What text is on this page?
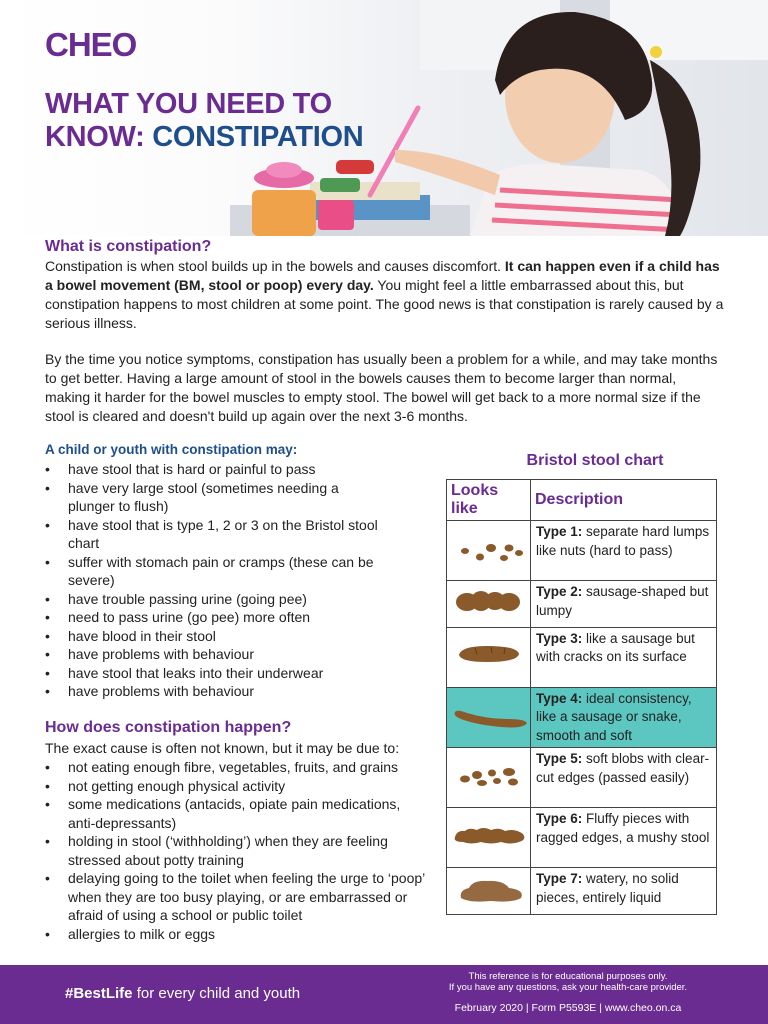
CHEO
WHAT YOU NEED TO
KNOW: CONSTIPATION
What is constipation?

Constipation is when stool builds up in the bowels and causes discomfort. It can happen even if a child has a bowel movement (BM, stool or poop) every day. You might feel a little embarrassed about this, but constipation happens to most children at some point. The good news is that constipation is rarely caused by a serious illness.

By the time you notice symptoms, constipation has usually been a problem for a while, and may take months to get better. Having a large amount of stool in the bowels causes them to become larger than normal, making it harder for the bowel muscles to empty stool. The bowel will get back to a more normal size if the stool is cleared and doesn't build up again over the next 3-6 months.

A child or youth with constipation may:
• have stool that is hard or painful to pass
• have very large stool (sometimes needing a plunger to flush)
• have stool that is type 1, 2 or 3 on the Bristol stool chart
• suffer with stomach pain or cramps (these can be severe)
• have trouble passing urine (going pee)
• need to pass urine (go pee) more often
• have blood in their stool
• have problems with behaviour
• have stool that leaks into their underwear
• have problems with behaviour
How does constipation happen?

The exact cause is often not known, but it may be due to:

• not eating enough fibre, vegetables, fruits, and grains
• not getting enough physical activity
• some medications (antacids, opiate pain medications, anti-depressants)
• holding in stool (‘withholding’) when they are feeling stressed about potty training
• delaying going to the toilet when feeling the urge to ‘poop’ when they are too busy playing, or are embarrassed or afraid of using a school or public toilet
• allergies to milk or eggs
Bristol stool chart
Looks like	Description
	Type 1: separate hard lumps like nuts (hard to pass)
	Type 2: sausage-shaped but lumpy
	Type 3: like a sausage but with cracks on its surface
	Type 4: ideal consistency, like a sausage or snake, smooth and soft
	Type 5: soft blobs with clear-cut edges (passed easily)
	Type 6: Fluffy pieces with ragged edges, a mushy stool
	Type 7: watery, no solid pieces, entirely liquid
#BestLife for every child and youth
This reference is for educational purposes only.
If you have any questions, ask your health-care provider.
February 2020 | Form P5593E | www.cheo.on.ca
